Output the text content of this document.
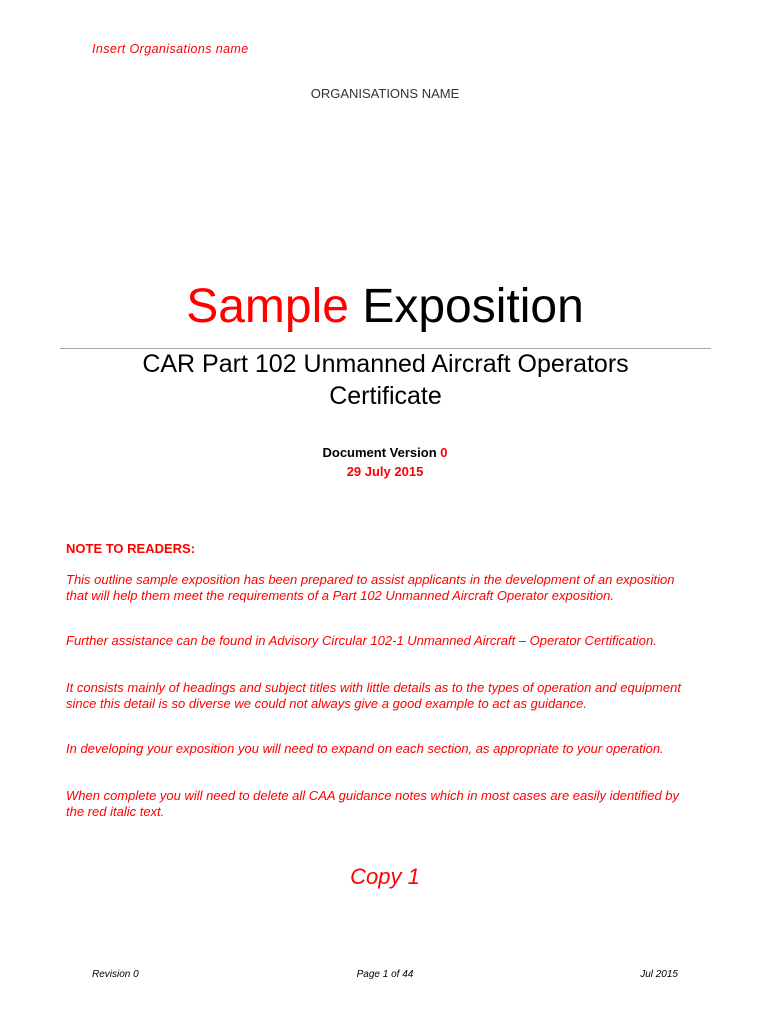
Insert Organisations name
ORGANISATIONS NAME
Sample Exposition
CAR Part 102 Unmanned Aircraft Operators
Certificate
Document Version 0
29 July 2015
NOTE TO READERS:
This outline sample exposition has been prepared to assist applicants in the development of an exposition that will help them meet the requirements of a Part 102 Unmanned Aircraft Operator exposition.
Further assistance can be found in Advisory Circular 102-1 Unmanned Aircraft – Operator Certification.
It consists mainly of headings and subject titles with little details as to the types of operation and equipment since this detail is so diverse we could not always give a good example to act as guidance.
In developing your exposition you will need to expand on each section, as appropriate to your operation.
When complete you will need to delete all CAA guidance notes which in most cases are easily identified by the red italic text.
Copy 1
Revision 0	Page 1 of 44	Jul 2015
